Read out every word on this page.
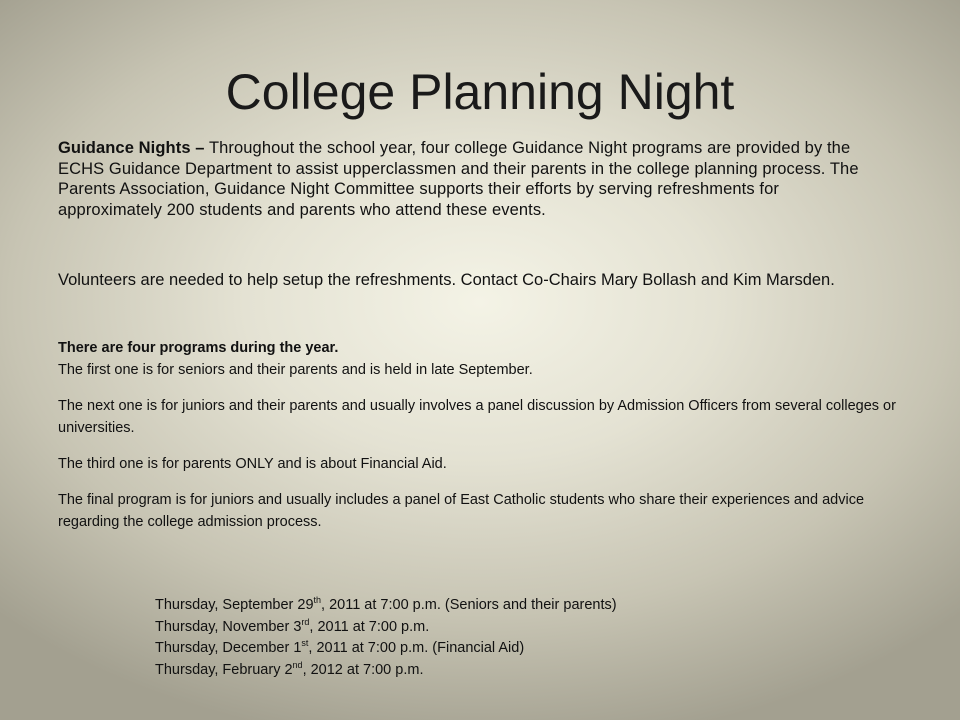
College Planning Night
Guidance Nights – Throughout the school year, four college Guidance Night programs are provided by the ECHS Guidance Department to assist upperclassmen and their parents in the college planning process. The Parents Association, Guidance Night Committee supports their efforts by serving refreshments for approximately 200 students and parents who attend these events.
Volunteers are needed to help setup the refreshments. Contact Co-Chairs Mary Bollash and Kim Marsden.

There are four programs during the year.

The first one is for seniors and their parents and is held in late September.

The next one is for juniors and their parents and usually involves a panel discussion by Admission Officers from several colleges or universities.

The third one is for parents ONLY and is about Financial Aid.

The final program is for juniors and usually includes a panel of East Catholic students who share their experiences and advice regarding the college admission process.

Thursday, September 29th, 2011 at 7:00 p.m. (Seniors and their parents)
Thursday, November 3rd, 2011 at 7:00 p.m.
Thursday, December 1st, 2011 at 7:00 p.m. (Financial Aid)
Thursday, February 2nd, 2012 at 7:00 p.m.
